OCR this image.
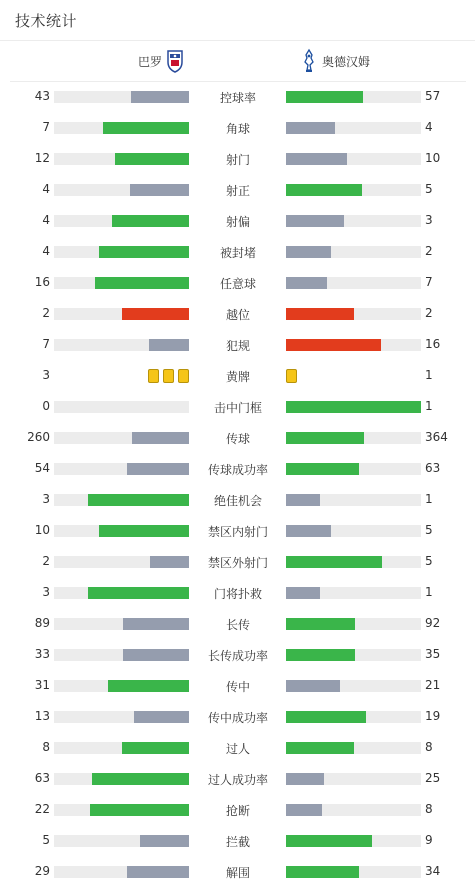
技术统计
巴罗	奥德汉姆
43	控球率	57
7	角球	4
12	射门	10
4	射正	5
4	射偏	3
4	被封堵	2
16	任意球	7
2	越位	2
7	犯规	16
3	黄牌	1
0	击中门框	1
260	传球	364
54	传球成功率	63
3	绝佳机会	1
10	禁区内射门	5
2	禁区外射门	5
3	门将扑救	1
89	长传	92
33	长传成功率	35
31	传中	21
13	传中成功率	19
8	过人	8
63	过人成功率	25
22	抢断	8
5	拦截	9
29	解围	34
